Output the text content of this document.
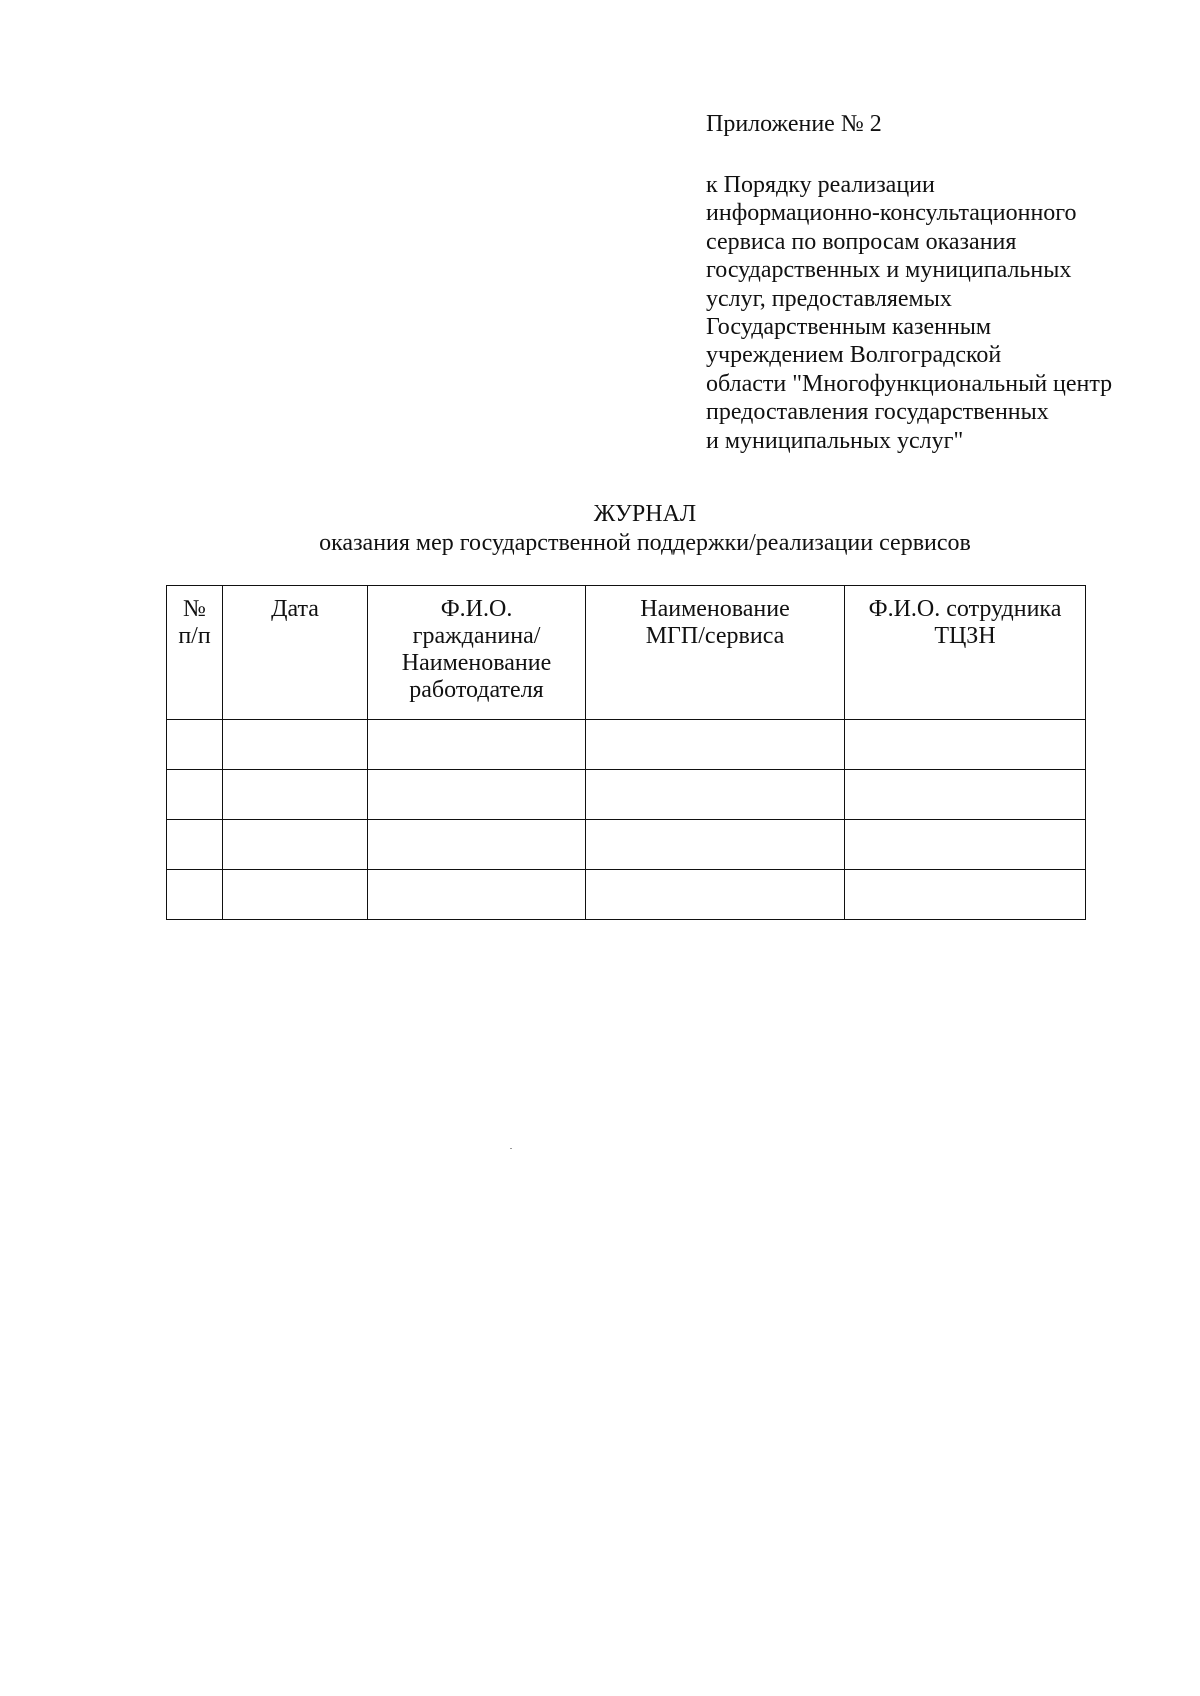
Приложение № 2

к Порядку реализации
информационно-консультационного
сервиса по вопросам оказания
государственных и муниципальных
услуг, предоставляемых
Государственным казенным
учреждением Волгоградской
области "Многофункциональный центр
предоставления государственных
и муниципальных услуг"

ЖУРНАЛ
оказания мер государственной поддержки/реализации сервисов
№
п/п	Дата	Ф.И.О.
гражданина/
Наименование
работодателя	Наименование
МГП/сервиса	Ф.И.О. сотрудника
ТЦЗН
